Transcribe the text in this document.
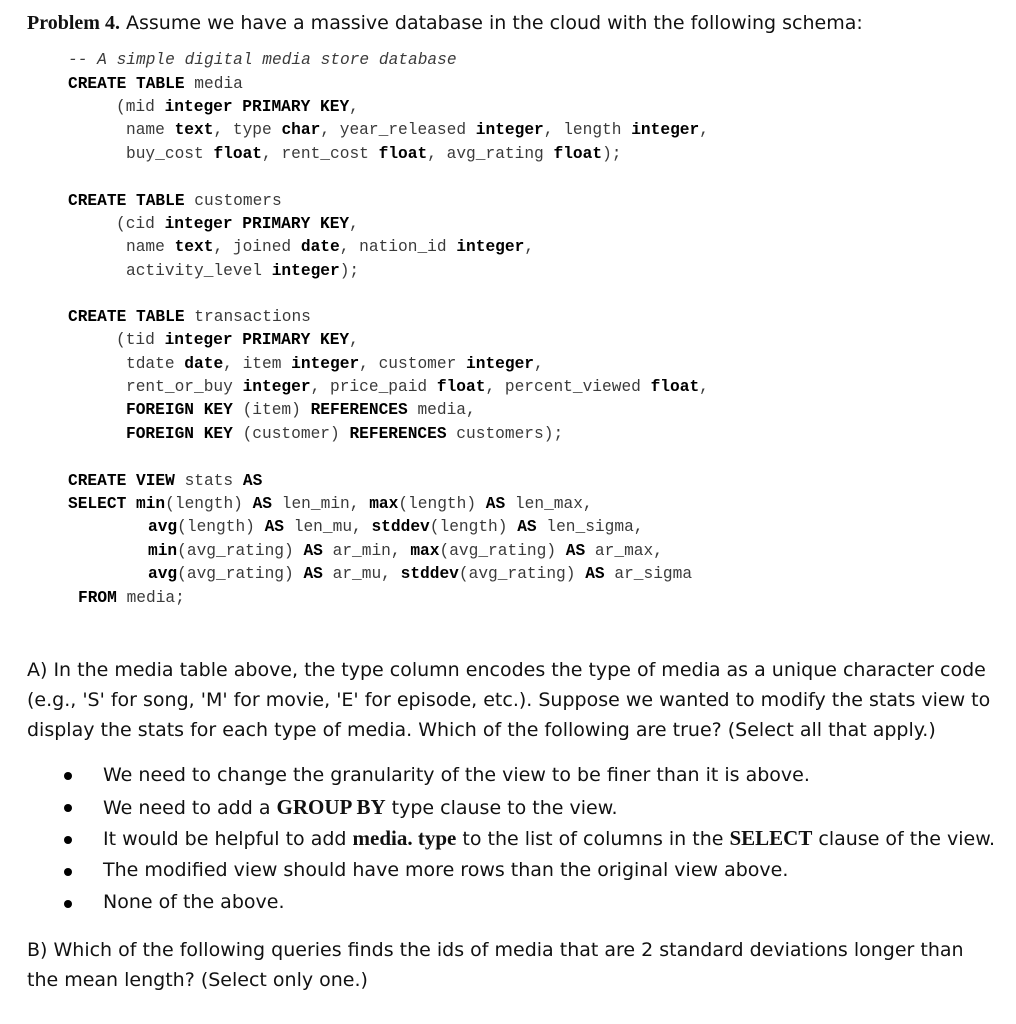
Problem 4. Assume we have a massive database in the cloud with the following schema:
-- A simple digital media store database
CREATE TABLE media
(mid integer PRIMARY KEY,
name text, type char, year_released integer, length integer,
buy_cost float, rent_cost float, avg_rating float);
CREATE TABLE customers
(cid integer PRIMARY KEY,
name text, joined date, nation_id integer,
activity_level integer);
CREATE TABLE transactions
(tid integer PRIMARY KEY,
tdate date, item integer, customer integer,
rent_or_buy integer, price_paid float, percent_viewed float,
FOREIGN KEY (item) REFERENCES media,
FOREIGN KEY (customer) REFERENCES customers);
CREATE VIEW stats AS
SELECT min(length) AS len_min, max(length) AS len_max,
avg(length) AS len_mu, stddev(length) AS len_sigma,
min(avg_rating) AS ar_min, max(avg_rating) AS ar_max,
avg(avg_rating) AS ar_mu, stddev(avg_rating) AS ar_sigma
FROM media;
A) In the media table above, the type column encodes the type of media as a unique character code (e.g., 'S' for song, 'M' for movie, 'E' for episode, etc.). Suppose we wanted to modify the stats view to display the stats for each type of media. Which of the following are true? (Select all that apply.)
We need to change the granularity of the view to be finer than it is above.
We need to add a GROUP BY type clause to the view.
It would be helpful to add media. type to the list of columns in the SELECT clause of the view.
The modified view should have more rows than the original view above.
None of the above.
B) Which of the following queries finds the ids of media that are 2 standard deviations longer than the mean length? (Select only one.)
